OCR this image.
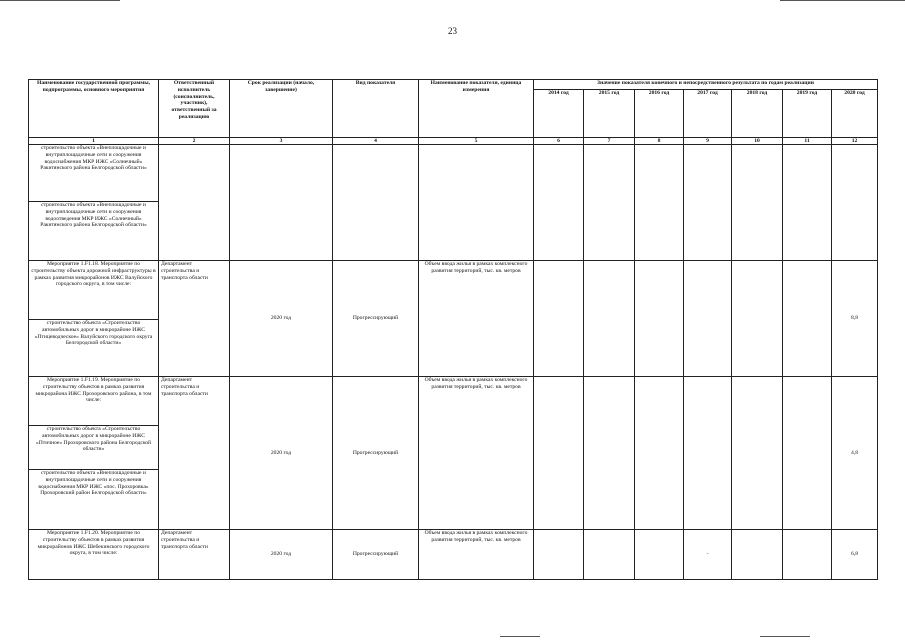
23
Наименование государственной программы, подпрограммы, основного мероприятия	Ответственный исполнитель (соисполнитель, участник), ответственный за реализацию	Срок реализации (начало, завершение)	Вид показателя	Наименование показателя, единица измерения	Значение показателя конечного и непосредственного результата по годам реализации						
					2014 год	2015 год	2016 год	2017 год	2018 год	2019 год	2020 год
1	2	3	4	5	6	7	8	9	10	11	12
строительство объекта «Внеплощадочные и внутриплощадочные сети и сооружения водоснабжения МКР ИЖС «Солнечный» Ракитянского района Белгородской области»											
строительство объекта «Внеплощадочные и внутриплощадочные сети и сооружения водоотведения МКР ИЖС «Солнечный» Ракитянского района Белгородской области»											
Мероприятие 1.F1.18. Мероприятие по строительству объекта дорожной инфраструктуры в рамках развития микрорайонов ИЖС Валуйского городского округа, в том числе:	Департамент строительства и транспорта области	2020 год	Прогрессирующий	Объем ввода жилья в рамках комплексного развития территорий, тыс. кв. метров							8,8
строительство объекта «Строительство автомобильных дорог в микрорайоне ИЖС «Птицеводческое» Валуйского городского округа Белгородской области»											
Мероприятие 1.F1.19. Мероприятие по строительству объектов в рамках развития микрорайона ИЖС Прохоровского района, в том числе:	Департамент строительства и транспорта области	2020 год	Прогрессирующий	Объем ввода жилья в рамках комплексного развития территорий, тыс. кв. метров							4,8
строительство объекта «Строительство автомобильных дорог в микрорайоне ИЖС «Птичное» Прохоровского района Белгородской области»											
строительство объекта «Внеплощадочные и внутриплощадочные сети и сооружения водоснабжения МКР ИЖС «пос. Прохоровка» Прохоровский район Белгородской области»											
Мероприятие 1.F1.20. Мероприятие по строительству объектов в рамках развития микрорайонов ИЖС Шебекинского городского округа, в том числе:	Департамент строительства и транспорта области	2020 год	Прогрессирующий	Объем ввода жилья в рамках комплексного развития территорий, тыс. кв. метров				-			6,8
